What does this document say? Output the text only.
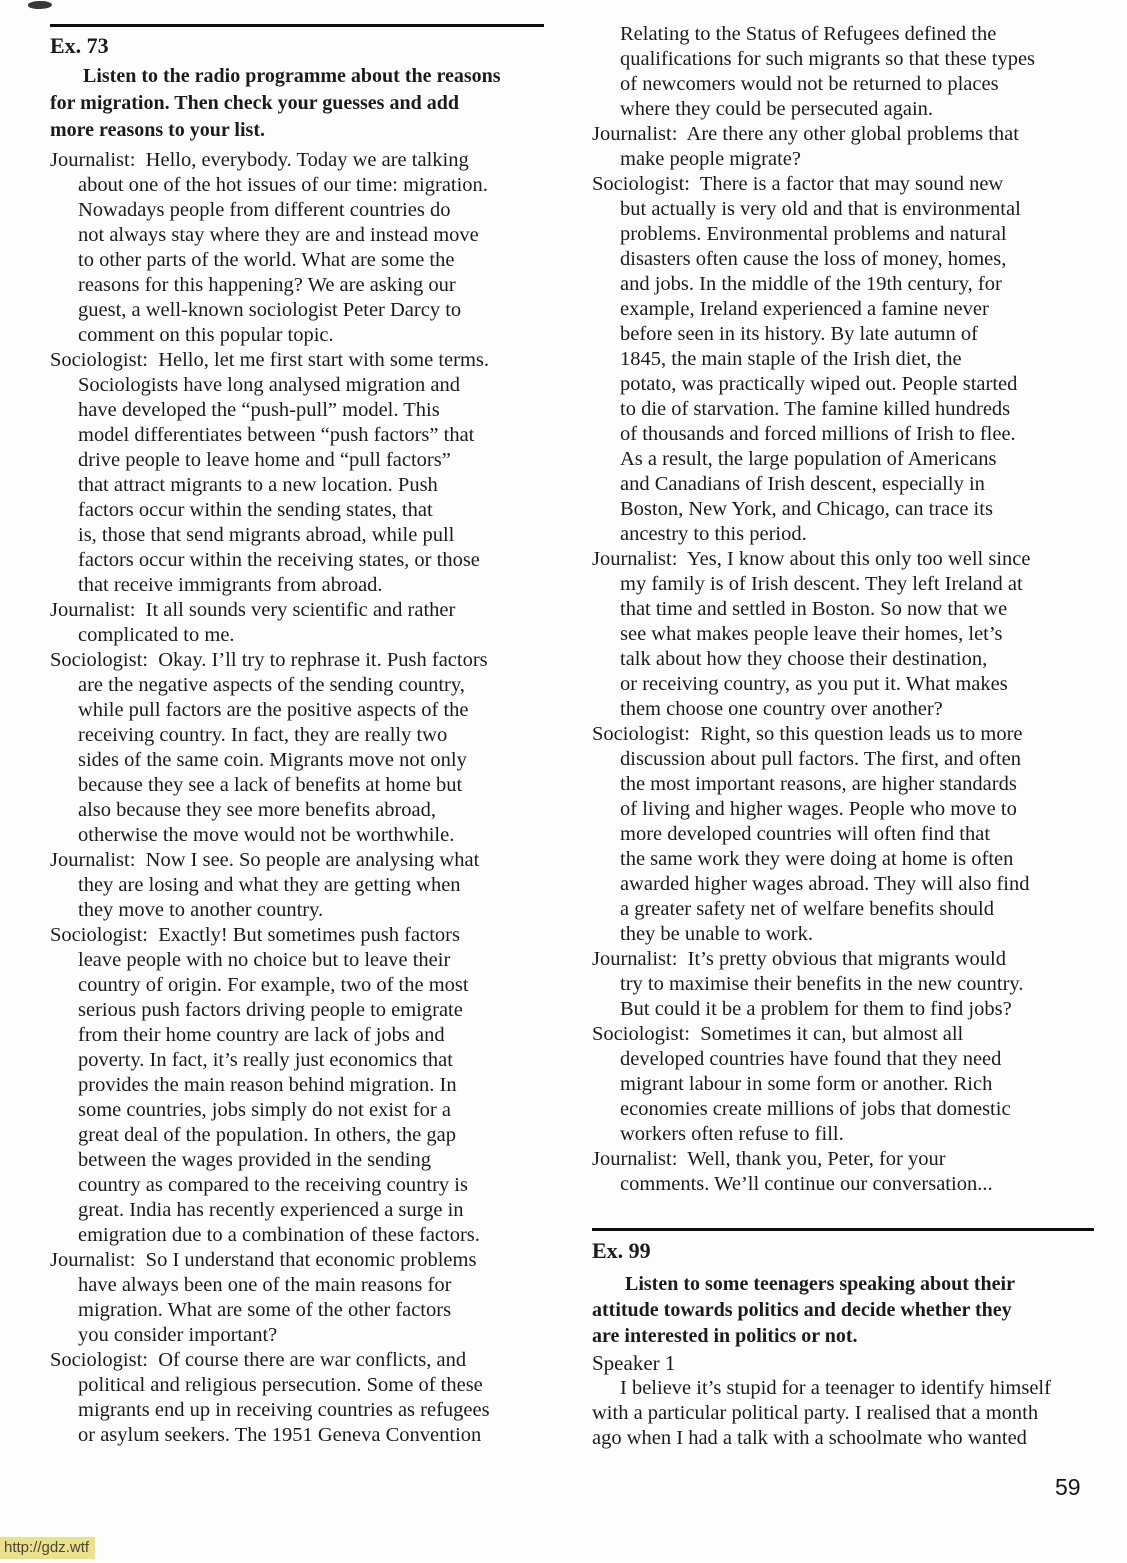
Ex. 73
Listen to the radio programme about the reasons
for migration. Then check your guesses and add
more reasons to your list.
Journalist:  Hello, everybody. Today we are talking
about one of the hot issues of our time: migration.
Nowadays people from different countries do
not always stay where they are and instead move
to other parts of the world. What are some the
reasons for this happening? We are asking our
guest, a well-known sociologist Peter Darcy to
comment on this popular topic.
Sociologist:  Hello, let me first start with some terms.
Sociologists have long analysed migration and
have developed the “push-pull” model. This
model differentiates between “push factors” that
drive people to leave home and “pull factors”
that attract migrants to a new location. Push
factors occur within the sending states, that
is, those that send migrants abroad, while pull
factors occur within the receiving states, or those
that receive immigrants from abroad.
Journalist:  It all sounds very scientific and rather
complicated to me.
Sociologist:  Okay. I’ll try to rephrase it. Push factors
are the negative aspects of the sending country,
while pull factors are the positive aspects of the
receiving country. In fact, they are really two
sides of the same coin. Migrants move not only
because they see a lack of benefits at home but
also because they see more benefits abroad,
otherwise the move would not be worthwhile.
Journalist:  Now I see. So people are analysing what
they are losing and what they are getting when
they move to another country.
Sociologist:  Exactly! But sometimes push factors
leave people with no choice but to leave their
country of origin. For example, two of the most
serious push factors driving people to emigrate
from their home country are lack of jobs and
poverty. In fact, it’s really just economics that
provides the main reason behind migration. In
some countries, jobs simply do not exist for a
great deal of the population. In others, the gap
between the wages provided in the sending
country as compared to the receiving country is
great. India has recently experienced a surge in
emigration due to a combination of these factors.
Journalist:  So I understand that economic problems
have always been one of the main reasons for
migration. What are some of the other factors
you consider important?
Sociologist:  Of course there are war conflicts, and
political and religious persecution. Some of these
migrants end up in receiving countries as refugees
or asylum seekers. The 1951 Geneva Convention
Relating to the Status of Refugees defined the
qualifications for such migrants so that these types
of newcomers would not be returned to places
where they could be persecuted again.
Journalist:  Are there any other global problems that
make people migrate?
Sociologist:  There is a factor that may sound new
but actually is very old and that is environmental
problems. Environmental problems and natural
disasters often cause the loss of money, homes,
and jobs. In the middle of the 19th century, for
example, Ireland experienced a famine never
before seen in its history. By late autumn of
1845, the main staple of the Irish diet, the
potato, was practically wiped out. People started
to die of starvation. The famine killed hundreds
of thousands and forced millions of Irish to flee.
As a result, the large population of Americans
and Canadians of Irish descent, especially in
Boston, New York, and Chicago, can trace its
ancestry to this period.
Journalist:  Yes, I know about this only too well since
my family is of Irish descent. They left Ireland at
that time and settled in Boston. So now that we
see what makes people leave their homes, let’s
talk about how they choose their destination,
or receiving country, as you put it. What makes
them choose one country over another?
Sociologist:  Right, so this question leads us to more
discussion about pull factors. The first, and often
the most important reasons, are higher standards
of living and higher wages. People who move to
more developed countries will often find that
the same work they were doing at home is often
awarded higher wages abroad. They will also find
a greater safety net of welfare benefits should
they be unable to work.
Journalist:  It’s pretty obvious that migrants would
try to maximise their benefits in the new country.
But could it be a problem for them to find jobs?
Sociologist:  Sometimes it can, but almost all
developed countries have found that they need
migrant labour in some form or another. Rich
economies create millions of jobs that domestic
workers often refuse to fill.
Journalist:  Well, thank you, Peter, for your
comments. We’ll continue our conversation...
Ex. 99
Listen to some teenagers speaking about their
attitude towards politics and decide whether they
are interested in politics or not.
Speaker 1
I believe it’s stupid for a teenager to identify himself
with a particular political party. I realised that a month
ago when I had a talk with a schoolmate who wanted
59
http://gdz.wtf
